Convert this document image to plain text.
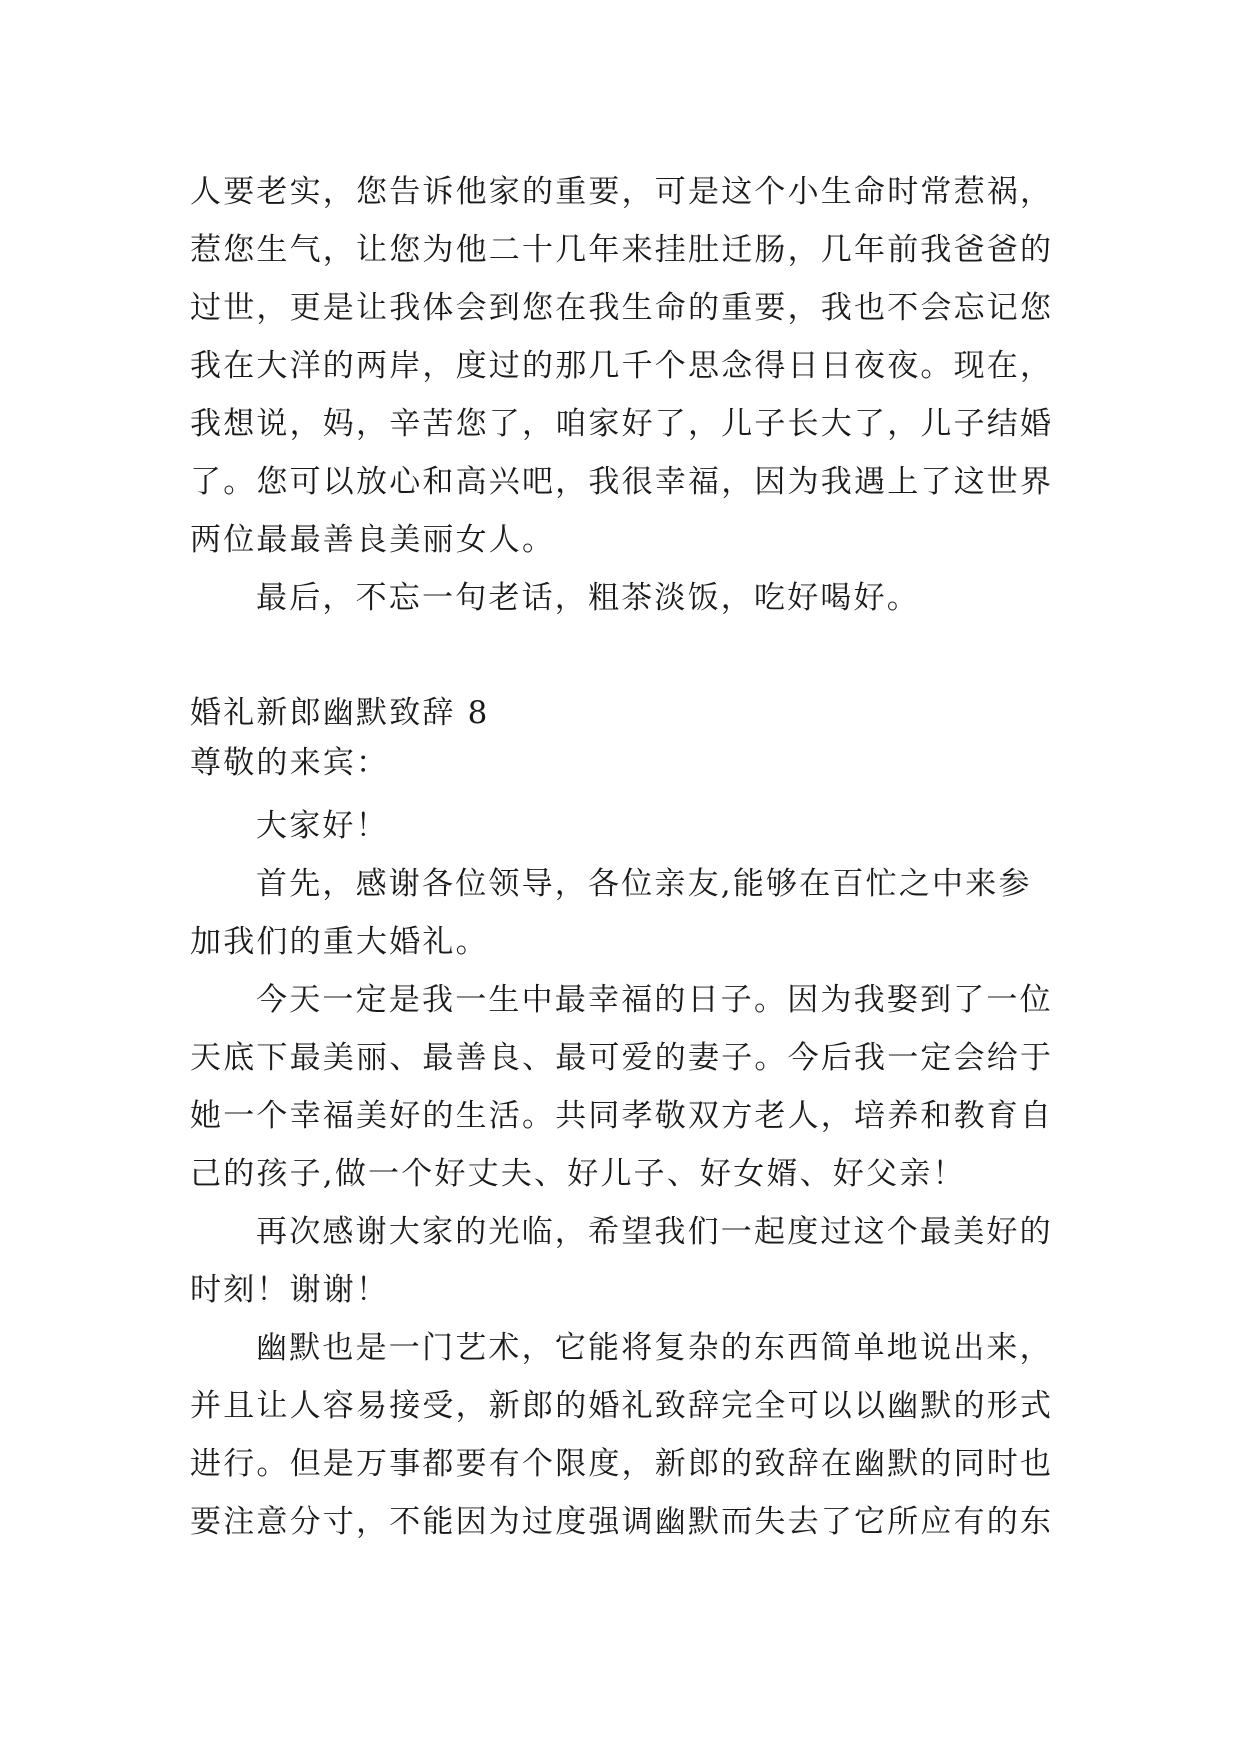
人要老实，您告诉他家的重要，可是这个小生命时常惹祸，
惹您生气，让您为他二十几年来挂肚迁肠，几年前我爸爸的
过世，更是让我体会到您在我生命的重要，我也不会忘记您
我在大洋的两岸，度过的那几千个思念得日日夜夜。现在，
我想说，妈，辛苦您了，咱家好了，儿子长大了，儿子结婚
了。您可以放心和高兴吧，我很幸福，因为我遇上了这世界
两位最最善良美丽女人。
最后，不忘一句老话，粗茶淡饭，吃好喝好。
婚礼新郎幽默致辞 8
尊敬的来宾：
大家好！
首先，感谢各位领导，各位亲友,能够在百忙之中来参
加我们的重大婚礼。
今天一定是我一生中最幸福的日子。因为我娶到了一位
天底下最美丽、最善良、最可爱的妻子。今后我一定会给于
她一个幸福美好的生活。共同孝敬双方老人，培养和教育自
己的孩子,做一个好丈夫、好儿子、好女婿、好父亲！
再次感谢大家的光临，希望我们一起度过这个最美好的
时刻！谢谢！
幽默也是一门艺术，它能将复杂的东西简单地说出来，
并且让人容易接受，新郎的婚礼致辞完全可以以幽默的形式
进行。但是万事都要有个限度，新郎的致辞在幽默的同时也
要注意分寸，不能因为过度强调幽默而失去了它所应有的东
